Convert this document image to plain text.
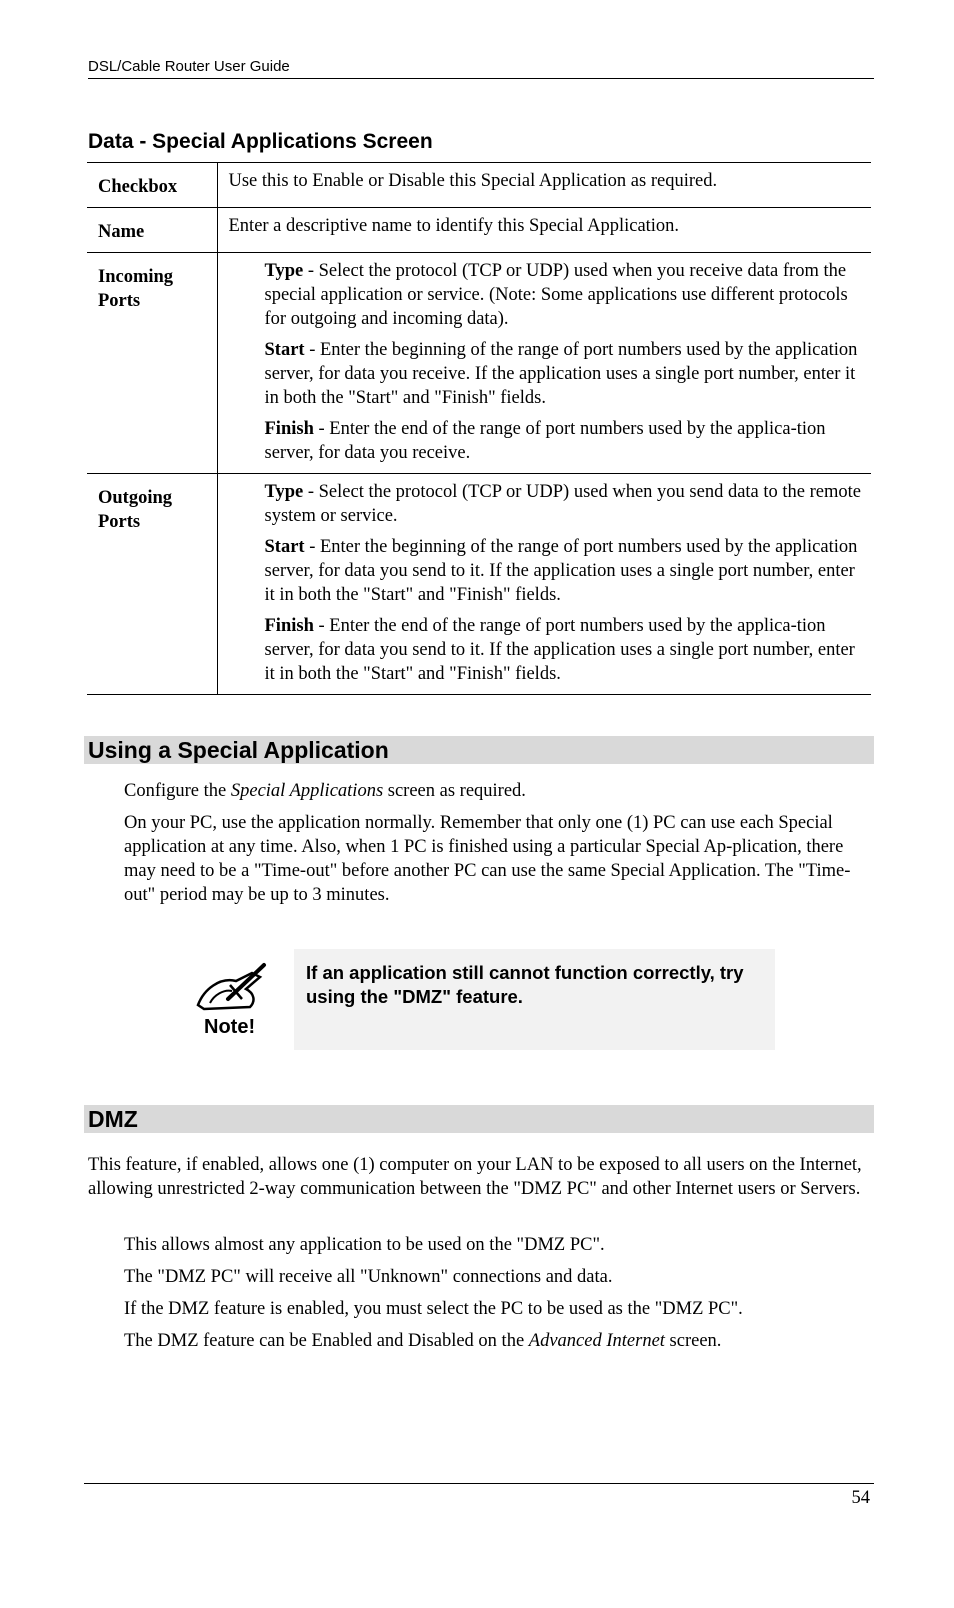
DSL/Cable Router User Guide
Data - Special Applications Screen
Checkbox	Use this to Enable or Disable this Special Application as required.

Name	Enter a descriptive name to identify this Special Application.

Incoming Ports	Type - Select the protocol (TCP or UDP) used when you receive data from the special application or service. (Note: Some applications use different protocols for outgoing and incoming data).

Start - Enter the beginning of the range of port numbers used by the application server, for data you receive. If the application uses a single port number, enter it in both the "Start" and "Finish" fields.

Finish - Enter the end of the range of port numbers used by the applica-tion server, for data you receive.

Outgoing Ports	Type - Select the protocol (TCP or UDP) used when you send data to the remote system or service.

Start - Enter the beginning of the range of port numbers used by the application server, for data you send to it. If the application uses a single port number, enter it in both the "Start" and "Finish" fields.

Finish - Enter the end of the range of port numbers used by the applica-tion server, for data you send to it. If the application uses a single port number, enter it in both the "Start" and "Finish" fields.

Using a Special Application

Configure the Special Applications screen as required.

On your PC, use the application normally. Remember that only one (1) PC can use each Special application at any time. Also, when 1 PC is finished using a particular Special Ap-plication, there may need to be a "Time-out" before another PC can use the same Special Application. The "Time-out" period may be up to 3 minutes.

Note!
If an application still cannot function correctly, try using the "DMZ" feature.
DMZ

This feature, if enabled, allows one (1) computer on your LAN to be exposed to all users on the Internet, allowing unrestricted 2-way communication between the "DMZ PC" and other Internet users or Servers.

This allows almost any application to be used on the "DMZ PC".

The "DMZ PC" will receive all "Unknown" connections and data.

If the DMZ feature is enabled, you must select the PC to be used as the "DMZ PC".

The DMZ feature can be Enabled and Disabled on the Advanced Internet screen.

54
